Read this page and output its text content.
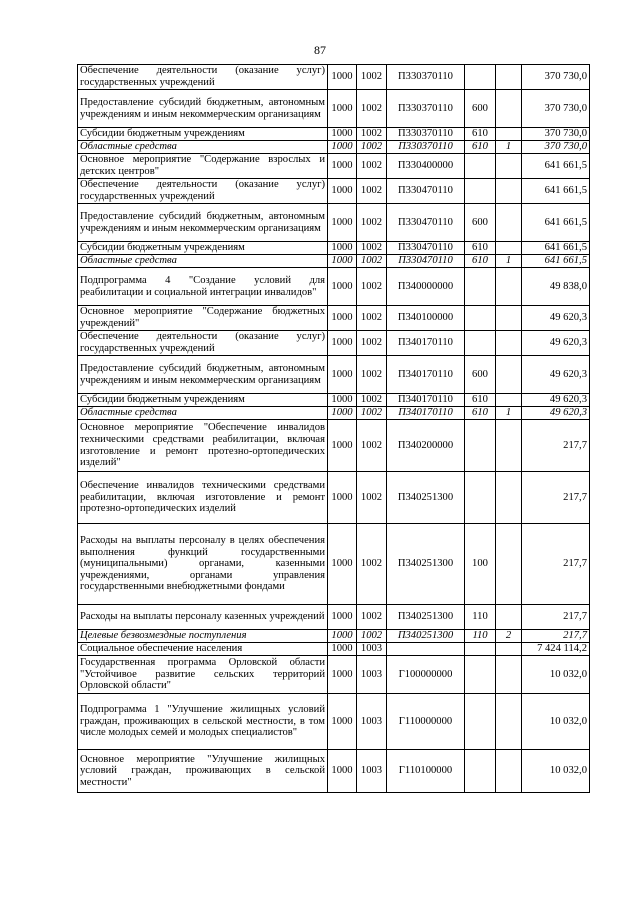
87
Обеспечение деятельности (оказание услуг) государственных учреждений	1000	1002	П330370110			370 730,0
Предоставление субсидий бюджетным, автономным учреждениям и иным некоммерческим организациям	1000	1002	П330370110	600		370 730,0
Субсидии бюджетным учреждениям	1000	1002	П330370110	610		370 730,0
Областные средства	1000	1002	П330370110	610	1	370 730,0
Основное мероприятие "Содержание взрослых и детских центров"	1000	1002	П330400000			641 661,5
Обеспечение деятельности (оказание услуг) государственных учреждений	1000	1002	П330470110			641 661,5
Предоставление субсидий бюджетным, автономным учреждениям и иным некоммерческим организациям	1000	1002	П330470110	600		641 661,5
Субсидии бюджетным учреждениям	1000	1002	П330470110	610		641 661,5
Областные средства	1000	1002	П330470110	610	1	641 661,5
Подпрограмма 4 "Создание условий для реабилитации и социальной интеграции инвалидов"	1000	1002	П340000000			49 838,0
Основное мероприятие "Содержание бюджетных учреждений"	1000	1002	П340100000			49 620,3
Обеспечение деятельности (оказание услуг) государственных учреждений	1000	1002	П340170110			49 620,3
Предоставление субсидий бюджетным, автономным учреждениям и иным некоммерческим организациям	1000	1002	П340170110	600		49 620,3
Субсидии бюджетным учреждениям	1000	1002	П340170110	610		49 620,3
Областные средства	1000	1002	П340170110	610	1	49 620,3
Основное мероприятие "Обеспечение инвалидов техническими средствами реабилитации, включая изготовление и ремонт протезно-ортопедических изделий"	1000	1002	П340200000			217,7
Обеспечение инвалидов техническими средствами реабилитации, включая изготовление и ремонт протезно-ортопедических изделий	1000	1002	П340251300			217,7
Расходы на выплаты персоналу в целях обеспечения выполнения функций государственными (муниципальными) органами, казенными учреждениями, органами управления государственными внебюджетными фондами	1000	1002	П340251300	100		217,7
Расходы на выплаты персоналу казенных учреждений	1000	1002	П340251300	110		217,7
Целевые безвозмездные поступления	1000	1002	П340251300	110	2	217,7
Социальное обеспечение населения	1000	1003				7 424 114,2
Государственная программа Орловской области "Устойчивое развитие сельских территорий Орловской области"	1000	1003	Г100000000			10 032,0
Подпрограмма 1 "Улучшение жилищных условий граждан, проживающих в сельской местности, в том числе молодых семей и молодых специалистов"	1000	1003	Г110000000			10 032,0
Основное мероприятие "Улучшение жилищных условий граждан, проживающих в сельской местности"	1000	1003	Г110100000			10 032,0
